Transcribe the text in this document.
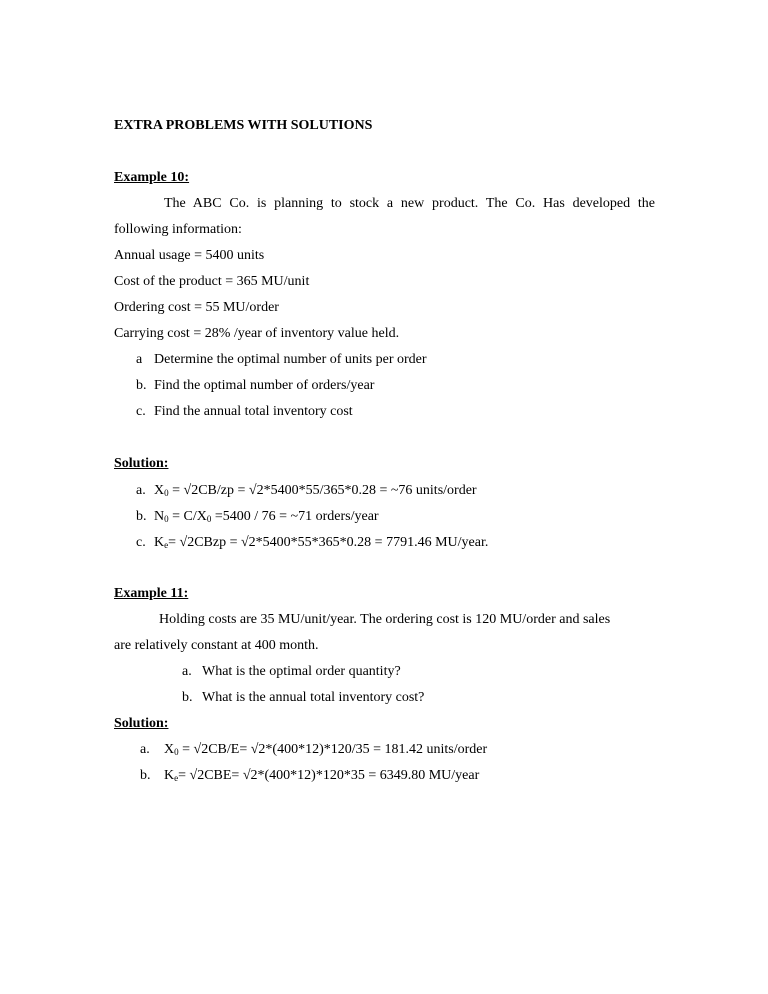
EXTRA PROBLEMS WITH SOLUTIONS
Example 10:
The ABC Co. is planning to stock a new product. The Co. Has developed the
following information:
Annual usage = 5400 units
Cost of the product = 365 MU/unit
Ordering cost = 55 MU/order
Carrying cost = 28% /year of inventory value held.
a Determine the optimal number of units per order
b. Find the optimal number of orders/year
c. Find the annual total inventory cost
Solution:
a. $X_0 = √2CB/zp = √2*5400*55/365*0.28$ = ~76 units/order
b. $N_0 = C/X_0 =5400 / 76$ = ~71 orders/year
c. $K_e=$ √2CBzp = √2*5400*55*365*0.28 = 7791.46 MU/year.
Example 11:
Holding costs are 35 MU/unit/year. The ordering cost is 120 MU/order and sales
are relatively constant at 400 month.
a. What is the optimal order quantity?
b. What is the annual total inventory cost?
Solution:
a. $X_0 = √2CB/E= √2*(400*12)*120/35 = 181.42$ units/order
b. $K_e= √2CBE= √2*(400*12)*120*35 = 6349.80$ MU/year
